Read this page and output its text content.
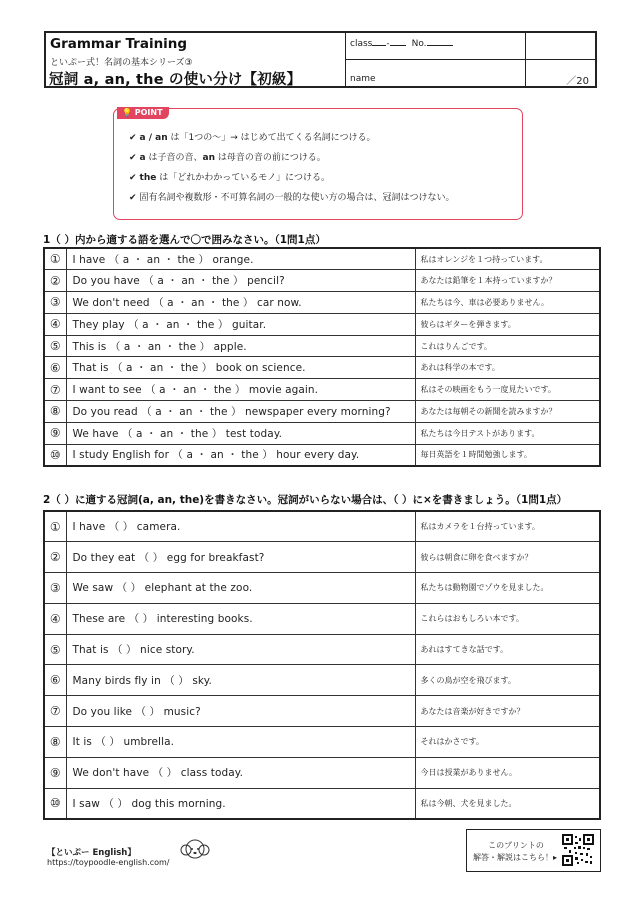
Grammar Training
といぷー式！名詞の基本シリーズ③
冠詞 a, an, the の使い分け【初級】
class - No.
name	／20
💡 POINT
✔ a / an は「1つの～」→ はじめて出てくる名詞につける。
✔ a は子音の音、an は母音の音の前につける。
✔ the は「どれかわかっているモノ」につける。
✔ 固有名詞や複数形・不可算名詞の一般的な使い方の場合は、冠詞はつけない。
1（ ）内から適する語を選んで〇で囲みなさい。（1問1点）
①	I have （ a ・ an ・ the ） orange.	私はオレンジを１つ持っています。
②	Do you have （ a ・ an ・ the ） pencil?	あなたは鉛筆を１本持っていますか？
③	We don't need （ a ・ an ・ the ） car now.	私たちは今、車は必要ありません。
④	They play （ a ・ an ・ the ） guitar.	彼らはギターを弾きます。
⑤	This is （ a ・ an ・ the ） apple.	これはりんごです。
⑥	That is （ a ・ an ・ the ） book on science.	あれは科学の本です。
⑦	I want to see （ a ・ an ・ the ） movie again.	私はその映画をもう一度見たいです。
⑧	Do you read （ a ・ an ・ the ） newspaper every morning?	あなたは毎朝その新聞を読みますか？
⑨	We have （ a ・ an ・ the ） test today.	私たちは今日テストがあります。
⑩	I study English for （ a ・ an ・ the ） hour every day.	毎日英語を１時間勉強します。
2（ ）に適する冠詞(a, an, the)を書きなさい。冠詞がいらない場合は、（ ）に×を書きましょう。（1問1点）
①	I have （ ） camera.	私はカメラを１台持っています。
②	Do they eat （ ） egg for breakfast?	彼らは朝食に卵を食べますか？
③	We saw （ ） elephant at the zoo.	私たちは動物園でゾウを見ました。
④	These are （ ） interesting books.	これらはおもしろい本です。
⑤	That is （ ） nice story.	あれはすてきな話です。
⑥	Many birds fly in （ ） sky.	多くの鳥が空を飛びます。
⑦	Do you like （ ） music?	あなたは音楽が好きですか？
⑧	It is （ ） umbrella.	それはかさです。
⑨	We don't have （ ） class today.	今日は授業がありません。
⑩	I saw （ ） dog this morning.	私は今朝、犬を見ました。
【といぷー English】
https://toypoodle-english.com/
このプリントの
解答・解説はこちら！▸
